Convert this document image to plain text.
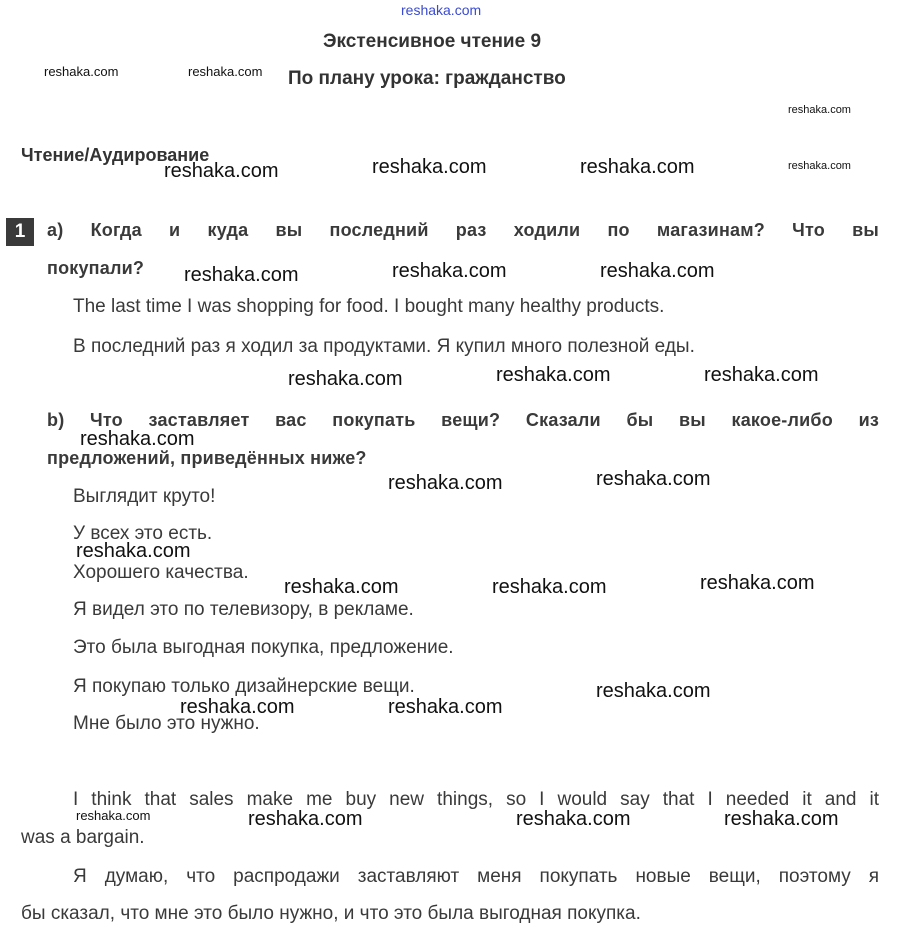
reshaka.com
Экстенсивное чтение 9
По плану урока: гражданство
Чтение/Аудирование
1	a) Когда и куда вы последний раз ходили по магазинам? Что вы
покупали?
The last time I was shopping for food. I bought many healthy products.
В последний раз я ходил за продуктами. Я купил много полезной еды.
b) Что заставляет вас покупать вещи? Сказали бы вы какое-либо из
предложений, приведённых ниже?
Выглядит круто!
У всех это есть.
Хорошего качества.
Я видел это по телевизору, в рекламе.
Это была выгодная покупка, предложение.
Я покупаю только дизайнерские вещи.
Мне было это нужно.
I think that sales make me buy new things, so I would say that I needed it and it
was a bargain.
Я думаю, что распродажи заставляют меня покупать новые вещи, поэтому я
бы сказал, что мне это было нужно, и что это была выгодная покупка.
reshaka.com	reshaka.com
reshaka.com
reshaka.com
reshaka.com	reshaka.com	reshaka.com
reshaka.com	reshaka.com	reshaka.com
reshaka.com	reshaka.com	reshaka.com
reshaka.com
reshaka.com	reshaka.com
reshaka.com
reshaka.com	reshaka.com	reshaka.com
reshaka.com
reshaka.com	reshaka.com
reshaka.com	reshaka.com	reshaka.com	reshaka.com
